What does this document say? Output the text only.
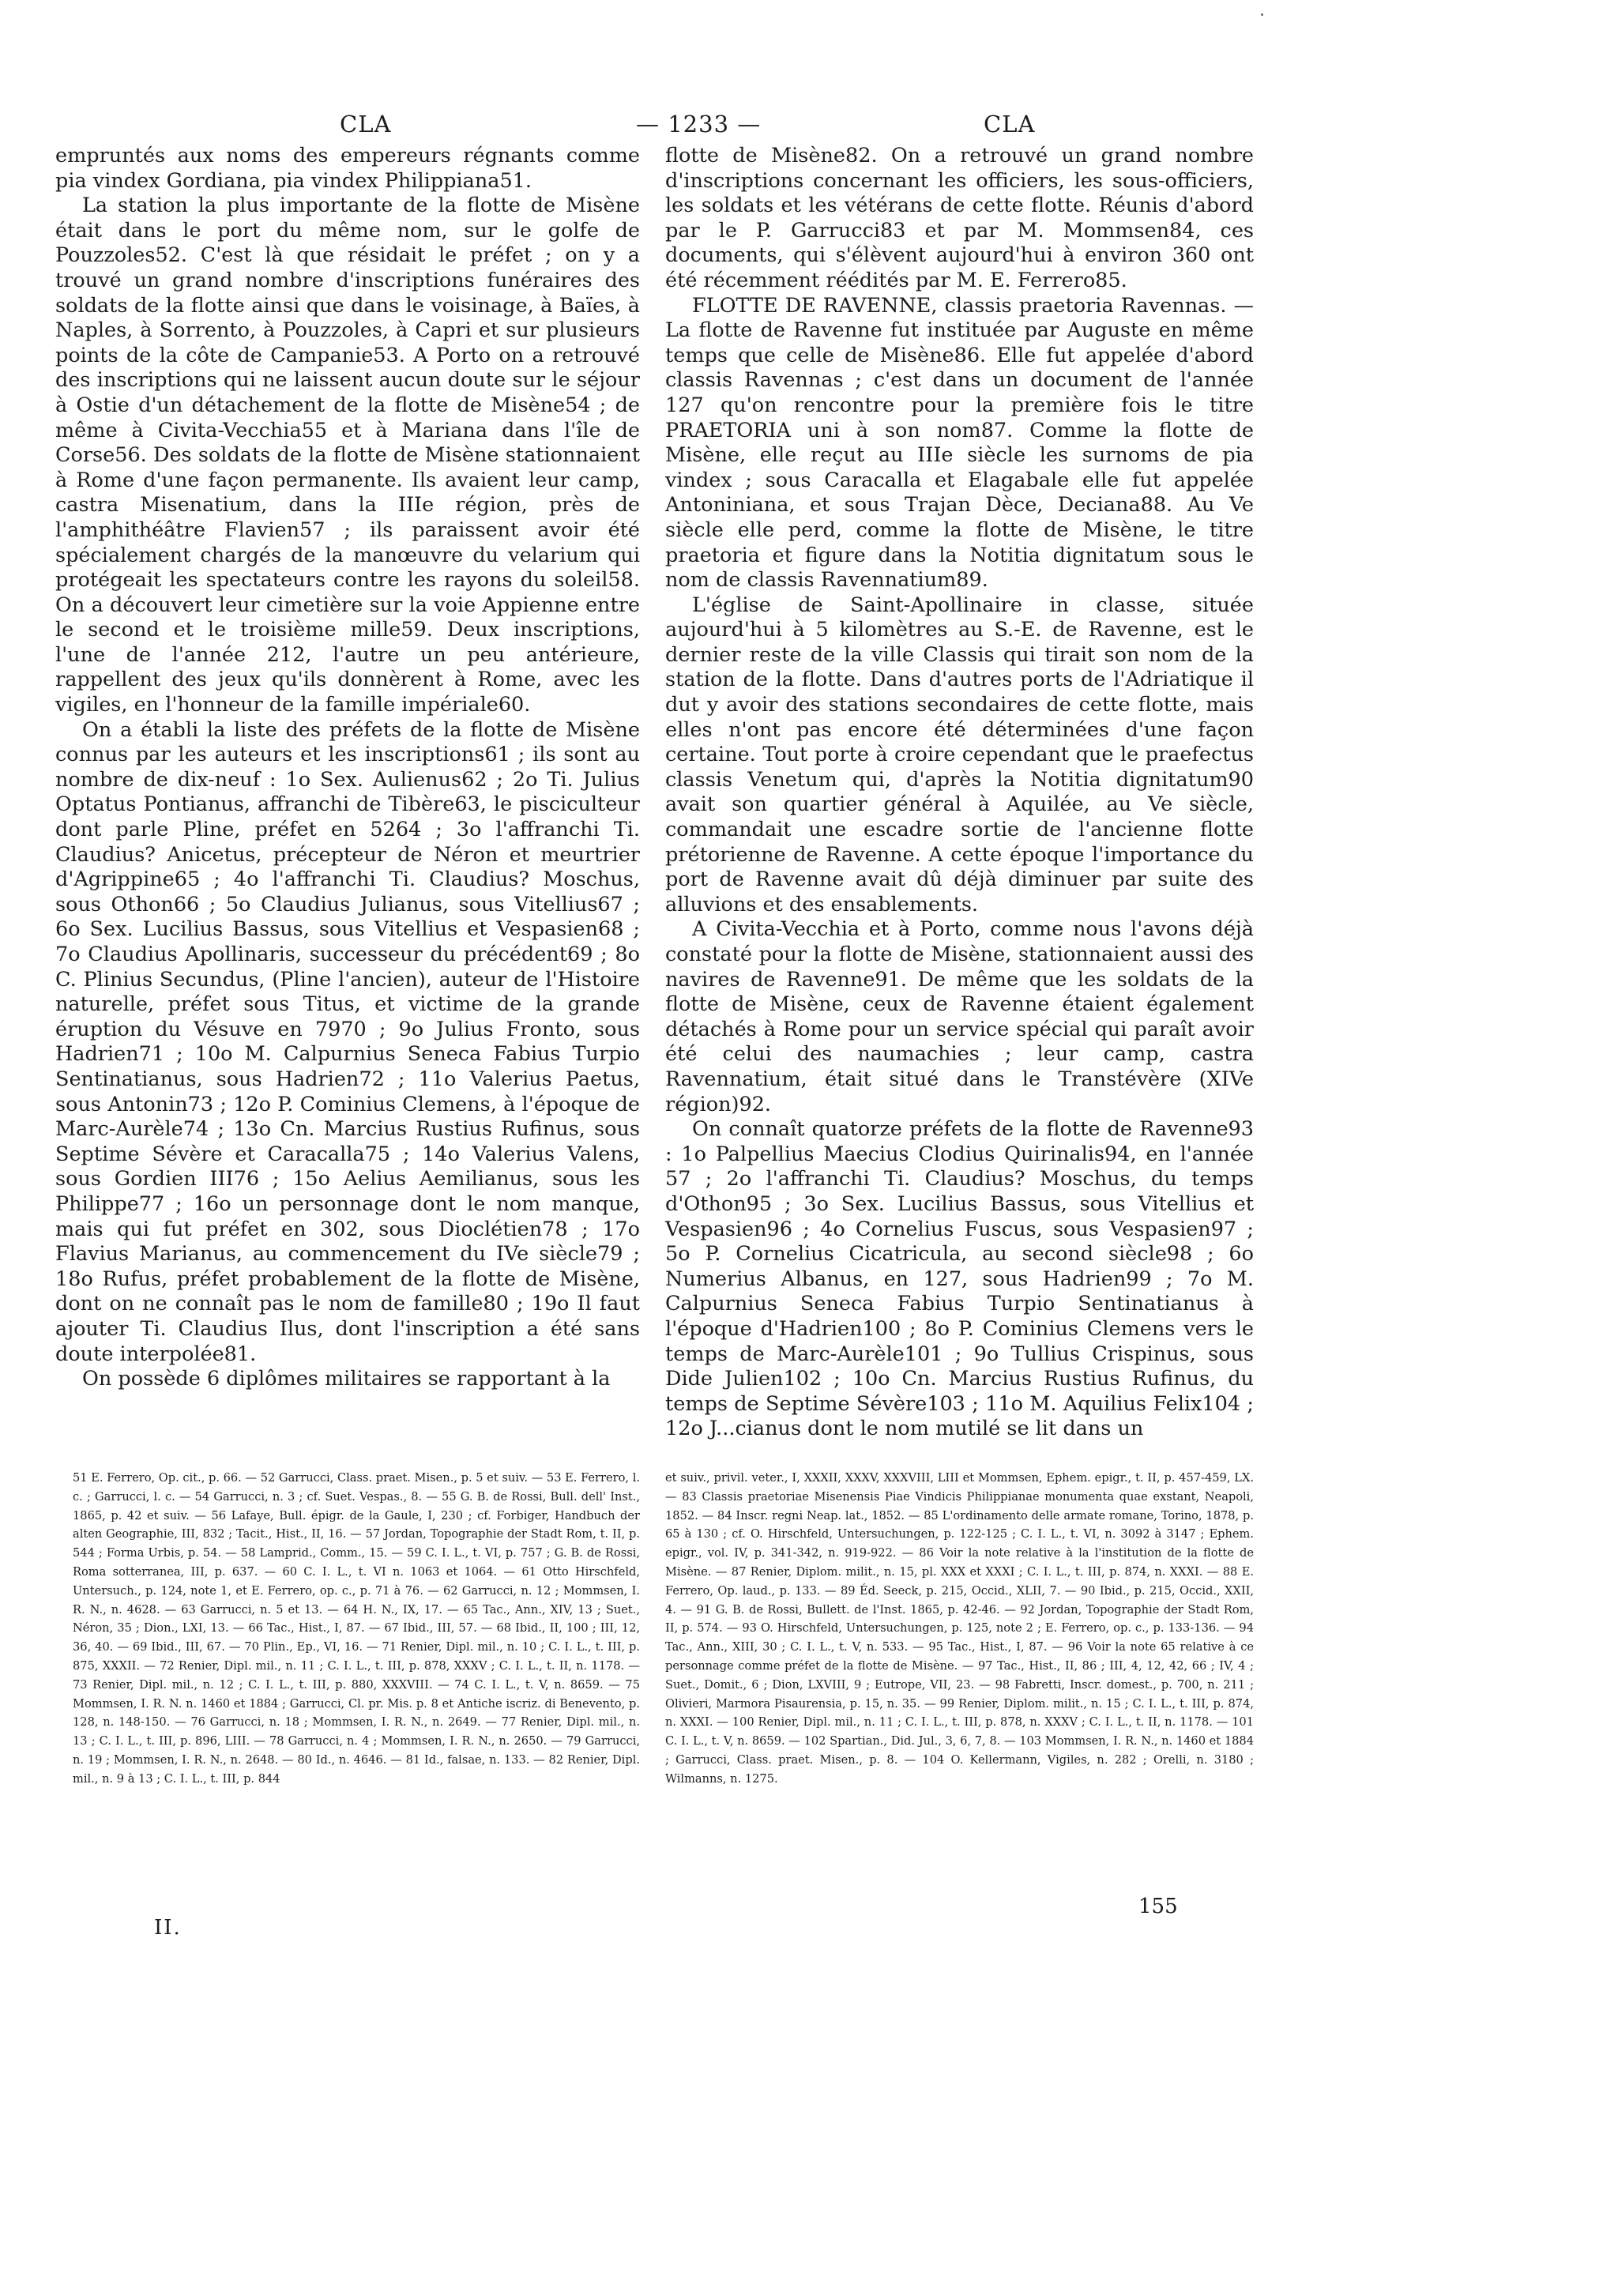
CLA	— 1233 —	CLA

empruntés aux noms des empereurs régnants comme pia vindex Gordiana, pia vindex Philippiana51.

La station la plus importante de la flotte de Misène était dans le port du même nom, sur le golfe de Pouzzoles52. C'est là que résidait le préfet ; on y a trouvé un grand nombre d'inscriptions funéraires des soldats de la flotte ainsi que dans le voisinage, à Baïes, à Naples, à Sorrento, à Pouzzoles, à Capri et sur plusieurs points de la côte de Campanie53. A Porto on a retrouvé des inscriptions qui ne laissent aucun doute sur le séjour à Ostie d'un détachement de la flotte de Misène54 ; de même à Civita-Vecchia55 et à Mariana dans l'île de Corse56. Des soldats de la flotte de Misène stationnaient à Rome d'une façon permanente. Ils avaient leur camp, castra Misenatium, dans la IIIe région, près de l'amphithéâtre Flavien57 ; ils paraissent avoir été spécialement chargés de la manœuvre du velarium qui protégeait les spectateurs contre les rayons du soleil58. On a découvert leur cimetière sur la voie Appienne entre le second et le troisième mille59. Deux inscriptions, l'une de l'année 212, l'autre un peu antérieure, rappellent des jeux qu'ils donnèrent à Rome, avec les vigiles, en l'honneur de la famille impériale60.

On a établi la liste des préfets de la flotte de Misène connus par les auteurs et les inscriptions61 ; ils sont au nombre de dix-neuf : 1o Sex. Aulienus62 ; 2o Ti. Julius Optatus Pontianus, affranchi de Tibère63, le pisciculteur dont parle Pline, préfet en 5264 ; 3o l'affranchi Ti. Claudius? Anicetus, précepteur de Néron et meurtrier d'Agrippine65 ; 4o l'affranchi Ti. Claudius? Moschus, sous Othon66 ; 5o Claudius Julianus, sous Vitellius67 ; 6o Sex. Lucilius Bassus, sous Vitellius et Vespasien68 ; 7o Claudius Apollinaris, successeur du précédent69 ; 8o C. Plinius Secundus, (Pline l'ancien), auteur de l'Histoire naturelle, préfet sous Titus, et victime de la grande éruption du Vésuve en 7970 ; 9o Julius Fronto, sous Hadrien71 ; 10o M. Calpurnius Seneca Fabius Turpio Sentinatianus, sous Hadrien72 ; 11o Valerius Paetus, sous Antonin73 ; 12o P. Cominius Clemens, à l'époque de Marc-Aurèle74 ; 13o Cn. Marcius Rustius Rufinus, sous Septime Sévère et Caracalla75 ; 14o Valerius Valens, sous Gordien III76 ; 15o Aelius Aemilianus, sous les Philippe77 ; 16o un personnage dont le nom manque, mais qui fut préfet en 302, sous Dioclétien78 ; 17o Flavius Marianus, au commencement du IVe siècle79 ; 18o Rufus, préfet probablement de la flotte de Misène, dont on ne connaît pas le nom de famille80 ; 19o Il faut ajouter Ti. Claudius Ilus, dont l'inscription a été sans doute interpolée81.

On possède 6 diplômes militaires se rapportant à la

flotte de Misène82. On a retrouvé un grand nombre d'inscriptions concernant les officiers, les sous-officiers, les soldats et les vétérans de cette flotte. Réunis d'abord par le P. Garrucci83 et par M. Mommsen84, ces documents, qui s'élèvent aujourd'hui à environ 360 ont été récemment réédités par M. E. Ferrero85.

FLOTTE DE RAVENNE, classis praetoria Ravennas. — La flotte de Ravenne fut instituée par Auguste en même temps que celle de Misène86. Elle fut appelée d'abord classis Ravennas ; c'est dans un document de l'année 127 qu'on rencontre pour la première fois le titre PRAETORIA uni à son nom87. Comme la flotte de Misène, elle reçut au IIIe siècle les surnoms de pia vindex ; sous Caracalla et Elagabale elle fut appelée Antoniniana, et sous Trajan Dèce, Deciana88. Au Ve siècle elle perd, comme la flotte de Misène, le titre praetoria et figure dans la Notitia dignitatum sous le nom de classis Ravennatium89.

L'église de Saint-Apollinaire in classe, située aujourd'hui à 5 kilomètres au S.-E. de Ravenne, est le dernier reste de la ville Classis qui tirait son nom de la station de la flotte. Dans d'autres ports de l'Adriatique il dut y avoir des stations secondaires de cette flotte, mais elles n'ont pas encore été déterminées d'une façon certaine. Tout porte à croire cependant que le praefectus classis Venetum qui, d'après la Notitia dignitatum90 avait son quartier général à Aquilée, au Ve siècle, commandait une escadre sortie de l'ancienne flotte prétorienne de Ravenne. A cette époque l'importance du port de Ravenne avait dû déjà diminuer par suite des alluvions et des ensablements.

A Civita-Vecchia et à Porto, comme nous l'avons déjà constaté pour la flotte de Misène, stationnaient aussi des navires de Ravenne91. De même que les soldats de la flotte de Misène, ceux de Ravenne étaient également détachés à Rome pour un service spécial qui paraît avoir été celui des naumachies ; leur camp, castra Ravennatium, était situé dans le Transtévère (XIVe région)92.

On connaît quatorze préfets de la flotte de Ravenne93 : 1o Palpellius Maecius Clodius Quirinalis94, en l'année 57 ; 2o l'affranchi Ti. Claudius? Moschus, du temps d'Othon95 ; 3o Sex. Lucilius Bassus, sous Vitellius et Vespasien96 ; 4o Cornelius Fuscus, sous Vespasien97 ; 5o P. Cornelius Cicatricula, au second siècle98 ; 6o Numerius Albanus, en 127, sous Hadrien99 ; 7o M. Calpurnius Seneca Fabius Turpio Sentinatianus à l'époque d'Hadrien100 ; 8o P. Cominius Clemens vers le temps de Marc-Aurèle101 ; 9o Tullius Crispinus, sous Dide Julien102 ; 10o Cn. Marcius Rustius Rufinus, du temps de Septime Sévère103 ; 11o M. Aquilius Felix104 ; 12o J...cianus dont le nom mutilé se lit dans un

51 E. Ferrero, Op. cit., p. 66. — 52 Garrucci, Class. praet. Misen., p. 5 et suiv. — 53 E. Ferrero, l. c. ; Garrucci, l. c. — 54 Garrucci, n. 3 ; cf. Suet. Vespas., 8. — 55 G. B. de Rossi, Bull. dell' Inst., 1865, p. 42 et suiv. — 56 Lafaye, Bull. épigr. de la Gaule, I, 230 ; cf. Forbiger, Handbuch der alten Geographie, III, 832 ; Tacit., Hist., II, 16. — 57 Jordan, Topographie der Stadt Rom, t. II, p. 544 ; Forma Urbis, p. 54. — 58 Lamprid., Comm., 15. — 59 C. I. L., t. VI, p. 757 ; G. B. de Rossi, Roma sotterranea, III, p. 637. — 60 C. I. L., t. VI n. 1063 et 1064. — 61 Otto Hirschfeld, Untersuch., p. 124, note 1, et E. Ferrero, op. c., p. 71 à 76. — 62 Garrucci, n. 12 ; Mommsen, I. R. N., n. 4628. — 63 Garrucci, n. 5 et 13. — 64 H. N., IX, 17. — 65 Tac., Ann., XIV, 13 ; Suet., Néron, 35 ; Dion., LXI, 13. — 66 Tac., Hist., I, 87. — 67 Ibid., III, 57. — 68 Ibid., II, 100 ; III, 12, 36, 40. — 69 Ibid., III, 67. — 70 Plin., Ep., VI, 16. — 71 Renier, Dipl. mil., n. 10 ; C. I. L., t. III, p. 875, XXXII. — 72 Renier, Dipl. mil., n. 11 ; C. I. L., t. III, p. 878, XXXV ; C. I. L., t. II, n. 1178. — 73 Renier, Dipl. mil., n. 12 ; C. I. L., t. III, p. 880, XXXVIII. — 74 C. I. L., t. V, n. 8659. — 75 Mommsen, I. R. N. n. 1460 et 1884 ; Garrucci, Cl. pr. Mis. p. 8 et Antiche iscriz. di Benevento, p. 128, n. 148-150. — 76 Garrucci, n. 18 ; Mommsen, I. R. N., n. 2649. — 77 Renier, Dipl. mil., n. 13 ; C. I. L., t. III, p. 896, LIII. — 78 Garrucci, n. 4 ; Mommsen, I. R. N., n. 2650. — 79 Garrucci, n. 19 ; Mommsen, I. R. N., n. 2648. — 80 Id., n. 4646. — 81 Id., falsae, n. 133. — 82 Renier, Dipl. mil., n. 9 à 13 ; C. I. L., t. III, p. 844

et suiv., privil. veter., I, XXXII, XXXV, XXXVIII, LIII et Mommsen, Ephem. epigr., t. II, p. 457-459, LX. — 83 Classis praetoriae Misenensis Piae Vindicis Philippianae monumenta quae exstant, Neapoli, 1852. — 84 Inscr. regni Neap. lat., 1852. — 85 L'ordinamento delle armate romane, Torino, 1878, p. 65 à 130 ; cf. O. Hirschfeld, Untersuchungen, p. 122-125 ; C. I. L., t. VI, n. 3092 à 3147 ; Ephem. epigr., vol. IV, p. 341-342, n. 919-922. — 86 Voir la note relative à la l'institution de la flotte de Misène. — 87 Renier, Diplom. milit., n. 15, pl. XXX et XXXI ; C. I. L., t. III, p. 874, n. XXXI. — 88 E. Ferrero, Op. laud., p. 133. — 89 Éd. Seeck, p. 215, Occid., XLII, 7. — 90 Ibid., p. 215, Occid., XXII, 4. — 91 G. B. de Rossi, Bullett. de l'Inst. 1865, p. 42-46. — 92 Jordan, Topographie der Stadt Rom, II, p. 574. — 93 O. Hirschfeld, Untersuchungen, p. 125, note 2 ; E. Ferrero, op. c., p. 133-136. — 94 Tac., Ann., XIII, 30 ; C. I. L., t. V, n. 533. — 95 Tac., Hist., I, 87. — 96 Voir la note 65 relative à ce personnage comme préfet de la flotte de Misène. — 97 Tac., Hist., II, 86 ; III, 4, 12, 42, 66 ; IV, 4 ; Suet., Domit., 6 ; Dion, LXVIII, 9 ; Eutrope, VII, 23. — 98 Fabretti, Inscr. domest., p. 700, n. 211 ; Olivieri, Marmora Pisaurensia, p. 15, n. 35. — 99 Renier, Diplom. milit., n. 15 ; C. I. L., t. III, p. 874, n. XXXI. — 100 Renier, Dipl. mil., n. 11 ; C. I. L., t. III, p. 878, n. XXXV ; C. I. L., t. II, n. 1178. — 101 C. I. L., t. V, n. 8659. — 102 Spartian., Did. Jul., 3, 6, 7, 8. — 103 Mommsen, I. R. N., n. 1460 et 1884 ; Garrucci, Class. praet. Misen., p. 8. — 104 O. Kellermann, Vigiles, n. 282 ; Orelli, n. 3180 ; Wilmanns, n. 1275.

II.
155
